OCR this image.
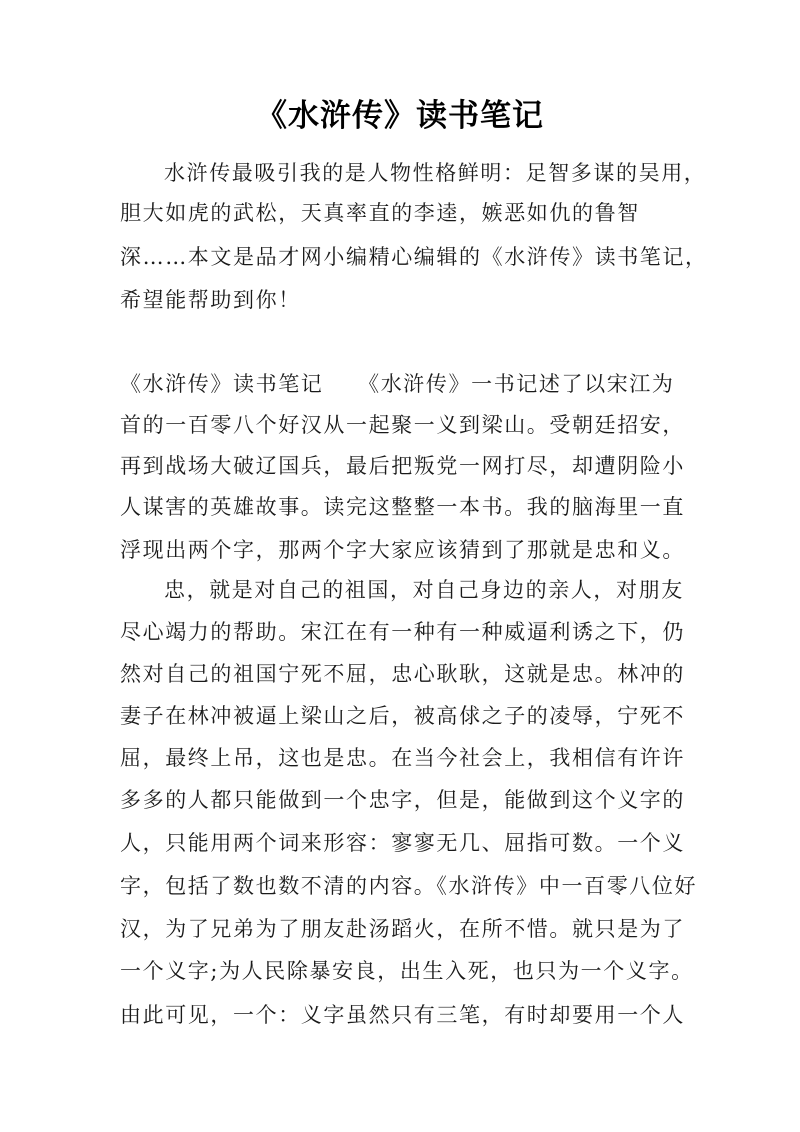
《水浒传》读书笔记
水浒传最吸引我的是人物性格鲜明：足智多谋的吴用，
胆大如虎的武松，天真率直的李逵，嫉恶如仇的鲁智
深……本文是品才网小编精心编辑的《水浒传》读书笔记，
希望能帮助到你！
《水浒传》读书笔记　　《水浒传》一书记述了以宋江为
首的一百零八个好汉从一起聚一义到梁山。受朝廷招安，
再到战场大破辽国兵，最后把叛党一网打尽，却遭阴险小
人谋害的英雄故事。读完这整整一本书。我的脑海里一直
浮现出两个字，那两个字大家应该猜到了那就是忠和义。
忠，就是对自己的祖国，对自己身边的亲人，对朋友
尽心竭力的帮助。宋江在有一种有一种威逼利诱之下，仍
然对自己的祖国宁死不屈，忠心耿耿，这就是忠。林冲的
妻子在林冲被逼上梁山之后，被高俅之子的凌辱，宁死不
屈，最终上吊，这也是忠。在当今社会上，我相信有许许
多多的人都只能做到一个忠字，但是，能做到这个义字的
人，只能用两个词来形容：寥寥无几、屈指可数。一个义
字，包括了数也数不清的内容。《水浒传》中一百零八位好
汉，为了兄弟为了朋友赴汤蹈火，在所不惜。就只是为了
一个义字;为人民除暴安良，出生入死，也只为一个义字。
由此可见，一个：义字虽然只有三笔，有时却要用一个人
